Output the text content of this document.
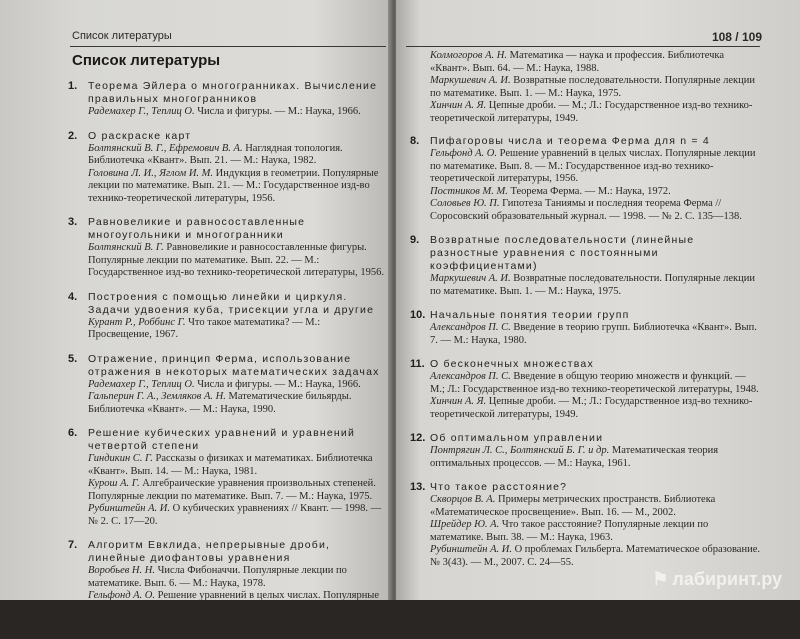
Список литературы
Список литературы
1. Теорема Эйлера о многогранниках. Вычисление правильных многогранников
Радемахер Г., Теплиц О. Числа и фигуры. — М.: Наука, 1966.
2. О раскраске карт
Болтянский В. Г., Ефремович В. А. Наглядная топология. Библиотечка «Квант». Вып. 21. — М.: Наука, 1982.
Головина Л. И., Яглом И. М. Индукция в геометрии. Популярные лекции по математике. Вып. 21. — М.: Государственное изд-во технико-теоретической литературы, 1956.
3. Равновеликие и равносоставленные многоугольники и многогранники
Болтянский В. Г. Равновеликие и равносоставленные фигуры. Популярные лекции по математике. Вып. 22. — М.: Государственное изд-во технико-теоретической литературы, 1956.
4. Построения с помощью линейки и циркуля. Задачи удвоения куба, трисекции угла и другие
Курант Р., Роббинс Г. Что такое математика? — М.: Просвещение, 1967.
5. Отражение, принцип Ферма, использование отражения в некоторых математических задачах
Радемахер Г., Теплиц О. Числа и фигуры. — М.: Наука, 1966.
Гальперин Г. А., Земляков А. Н. Математические бильярды. Библиотечка «Квант». — М.: Наука, 1990.
6. Решение кубических уравнений и уравнений четвертой степени
Гиндикин С. Г. Рассказы о физиках и математиках. Библиотечка «Квант». Вып. 14. — М.: Наука, 1981.
Курош А. Г. Алгебраические уравнения произвольных степеней. Популярные лекции по математике. Вып. 7. — М.: Наука, 1975.
Рубинштейн А. И. О кубических уравнениях // Квант. — 1998. — № 2. С. 17—20.
7. Алгоритм Евклида, непрерывные дроби, линейные диофантовы уравнения
Воробьев Н. Н. Числа Фибоначчи. Популярные лекции по математике. Вып. 6. — М.: Наука, 1978.
Гельфонд А. О. Решение уравнений в целых числах. Популярные лекции по математике. Вып. 8. — М.: Государственное изд-во технико-теоретической литературы, 1956.
108 / 109
Колмогоров А. Н. Математика — наука и профессия. Библиотечка «Квант». Вып. 64. — М.: Наука, 1988.
Маркушевич А. И. Возвратные последовательности. Популярные лекции по математике. Вып. 1. — М.: Наука, 1975.
Хинчин А. Я. Цепные дроби. — М.; Л.: Государственное изд-во технико-теоретической литературы, 1949.
8. Пифагоровы числа и теорема Ферма для n = 4
Гельфонд А. О. Решение уравнений в целых числах. Популярные лекции по математике. Вып. 8. — М.: Государственное изд-во технико-теоретической литературы, 1956.
Постников М. М. Теорема Ферма. — М.: Наука, 1972.
Соловьев Ю. П. Гипотеза Таниямы и последняя теорема Ферма // Соросовский образовательный журнал. — 1998. — № 2. С. 135—138.
9. Возвратные последовательности (линейные разностные уравнения с постоянными коэффициентами)
Маркушевич А. И. Возвратные последовательности. Популярные лекции по математике. Вып. 1. — М.: Наука, 1975.
10. Начальные понятия теории групп
Александров П. С. Введение в теорию групп. Библиотечка «Квант». Вып. 7. — М.: Наука, 1980.
11. О бесконечных множествах
Александров П. С. Введение в общую теорию множеств и функций. — М.; Л.: Государственное изд-во технико-теоретической литературы, 1948.
Хинчин А. Я. Цепные дроби. — М.; Л.: Государственное изд-во технико-теоретической литературы, 1949.
12. Об оптимальном управлении
Понтрягин Л. С., Болтянский Б. Г. и др. Математическая теория оптимальных процессов. — М.: Наука, 1961.
13. Что такое расстояние?
Скворцов В. А. Примеры метрических пространств. Библиотека «Математическое просвещение». Вып. 16. — М., 2002.
Шрейдер Ю. А. Что такое расстояние? Популярные лекции по математике. Вып. 38. — М.: Наука, 1963.
Рубинштейн А. И. О проблемах Гильберта. Математическое образование. № 3(43). — М., 2007. С. 24—55.
⚑ лабиринт.ру
